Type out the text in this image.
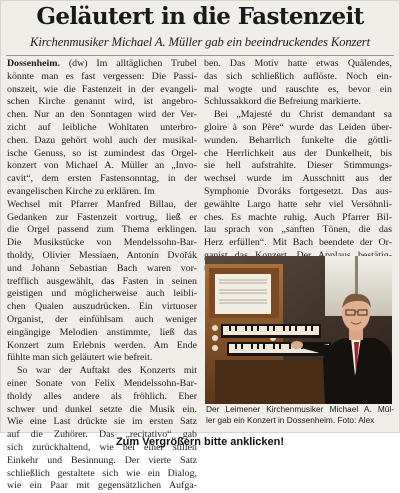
Geläutert in die Fastenzeit
Kirchenmusiker Michael A. Müller gab ein beeindruckendes Konzert
Dossenheim. (dw) Im alltäglichen Trubel
könnte man es fast vergessen: Die Passi-
onszeit, wie die Fastenzeit in der evangeli-
schen Kirche genannt wird, ist angebro-
chen. Nur an den Sonntagen wird der Ver-
zicht auf leibliche Wohltaten unterbro-
chen. Dazu gehört wohl auch der musikal-
ische Genuss, so ist zumindest das Orgel-
konzert von Michael A. Müller an „Invo-
cavit“, dem ersten Fastensonntag, in der
evangelischen Kirche zu erklären. Im
Wechsel mit Pfarrer Manfred Billau, der
Gedanken zur Fastenzeit vortrug, ließ er
die Orgel passend zum Thema erklingen.
Die Musikstücke von Mendelssohn-Bar-
tholdy, Olivier Messiaen, Antonín Dvořák
und Johann Sebastian Bach waren vor-
trefflich ausgewählt, das Fasten in seinen
geistigen und möglicherweise auch leibli-
chen Qualen auszudrücken. Ein virtuoser
Organist, der einfühlsam auch weniger
eingängige Melodien anstimmte, ließ das
Konzert zum Erlebnis werden. Am Ende
fühlte man sich geläutert wie befreit.
So war der Auftakt des Konzerts mit
einer Sonate von Felix Mendelssohn-Bar-
tholdy alles andere als fröhlich. Eher
schwer und dunkel setzte die Musik ein.
Wie eine Last drückte sie im ersten Satz
auf die Zuhörer. Das „recitativo“ gab
sich zurückhaltend, wie bei einer stillen
Einkehr und Besinnung. Der vierte Satz
schließlich gestaltete sich wie ein Dialog,
wie ein Paar mit gegensätzlichen Aufga-
ben. Das Motiv hatte etwas Quälendes,
das sich schließlich auflöste. Noch ein-
mal wogte und rauschte es, bevor ein
Schlussakkord die Befreiung markierte.
Bei „Majesté du Christ demandant sa
gloire à son Père“ wurde das Leiden über-
wunden. Beharrlich funkelte die göttli-
che Herrlichkeit aus der Dunkelheit, bis
sie hell aufstrahlte. Dieser Stimmungs-
wechsel wurde im Ausschnitt aus der
Symphonie Dvoráks fortgesetzt. Das aus-
gewählte Largo hatte sehr viel Versöhnli-
ches. Es machte ruhig. Auch Pfarrer Bil-
lau sprach von „sanften Tönen, die das
Herz erfüllen“. Mit Bach beendete der Or-
Der Leimener Kirchenmusiker Michael A. Mül-
ler gab ein Konzert in Dossenheim. Foto: Alex
Zum Vergrößern bitte anklicken!
